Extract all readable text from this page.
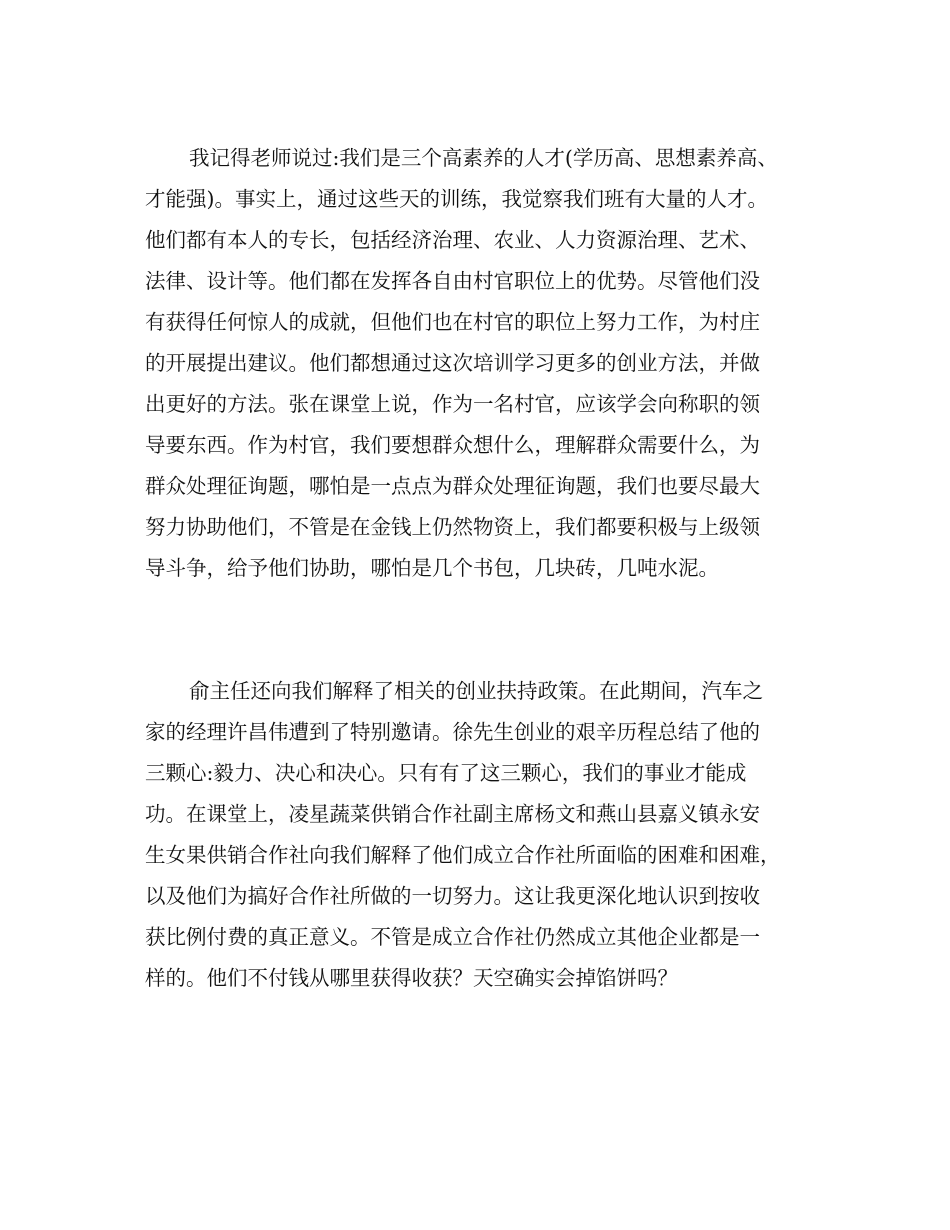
我记得老师说过:我们是三个高素养的人才(学历高、思想素养高、
才能强)。事实上，通过这些天的训练，我觉察我们班有大量的人才。
他们都有本人的专长，包括经济治理、农业、人力资源治理、艺术、
法律、设计等。他们都在发挥各自由村官职位上的优势。尽管他们没
有获得任何惊人的成就，但他们也在村官的职位上努力工作，为村庄
的开展提出建议。他们都想通过这次培训学习更多的创业方法，并做
出更好的方法。张在课堂上说，作为一名村官，应该学会向称职的领
导要东西。作为村官，我们要想群众想什么，理解群众需要什么，为
群众处理征询题，哪怕是一点点为群众处理征询题，我们也要尽最大
努力协助他们，不管是在金钱上仍然物资上，我们都要积极与上级领
导斗争，给予他们协助，哪怕是几个书包，几块砖，几吨水泥。
俞主任还向我们解释了相关的创业扶持政策。在此期间，汽车之
家的经理许昌伟遭到了特别邀请。徐先生创业的艰辛历程总结了他的
三颗心:毅力、决心和决心。只有有了这三颗心，我们的事业才能成
功。在课堂上，凌星蔬菜供销合作社副主席杨文和燕山县嘉义镇永安
生女果供销合作社向我们解释了他们成立合作社所面临的困难和困难，
以及他们为搞好合作社所做的一切努力。这让我更深化地认识到按收
获比例付费的真正意义。不管是成立合作社仍然成立其他企业都是一
样的。他们不付钱从哪里获得收获？天空确实会掉馅饼吗？
